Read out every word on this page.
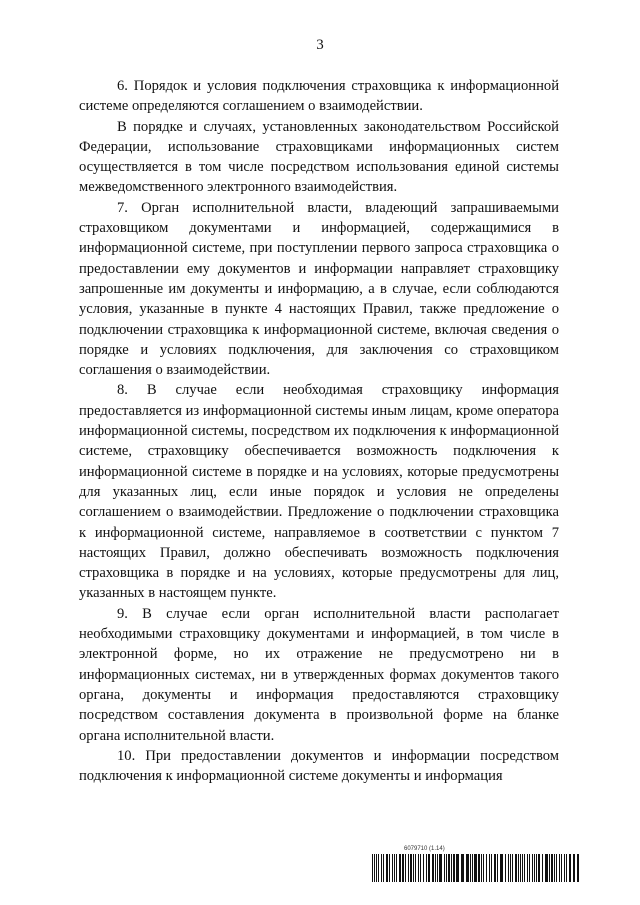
3

6. Порядок и условия подключения страховщика к информационной системе определяются соглашением о взаимодействии.

В порядке и случаях, установленных законодательством Российской Федерации, использование страховщиками информационных систем осуществляется в том числе посредством использования единой системы межведомственного электронного взаимодействия.

7. Орган исполнительной власти, владеющий запрашиваемыми страховщиком документами и информацией, содержащимися в информационной системе, при поступлении первого запроса страховщика о предоставлении ему документов и информации направляет страховщику запрошенные им документы и информацию, а в случае, если соблюдаются условия, указанные в пункте 4 настоящих Правил, также предложение о подключении страховщика к информационной системе, включая сведения о порядке и условиях подключения, для заключения со страховщиком соглашения о взаимодействии.

8. В случае если необходимая страховщику информация предоставляется из информационной системы иным лицам, кроме оператора информационной системы, посредством их подключения к информационной системе, страховщику обеспечивается возможность подключения к информационной системе в порядке и на условиях, которые предусмотрены для указанных лиц, если иные порядок и условия не определены соглашением о взаимодействии. Предложение о подключении страховщика к информационной системе, направляемое в соответствии с пунктом 7 настоящих Правил, должно обеспечивать возможность подключения страховщика в порядке и на условиях, которые предусмотрены для лиц, указанных в настоящем пункте.

9. В случае если орган исполнительной власти располагает необходимыми страховщику документами и информацией, в том числе в электронной форме, но их отражение не предусмотрено ни в информационных системах, ни в утвержденных формах документов такого органа, документы и информация предоставляются страховщику посредством составления документа в произвольной форме на бланке органа исполнительной власти.

10. При предоставлении документов и информации посредством подключения к информационной системе документы и информация

6079710 (1.14)
